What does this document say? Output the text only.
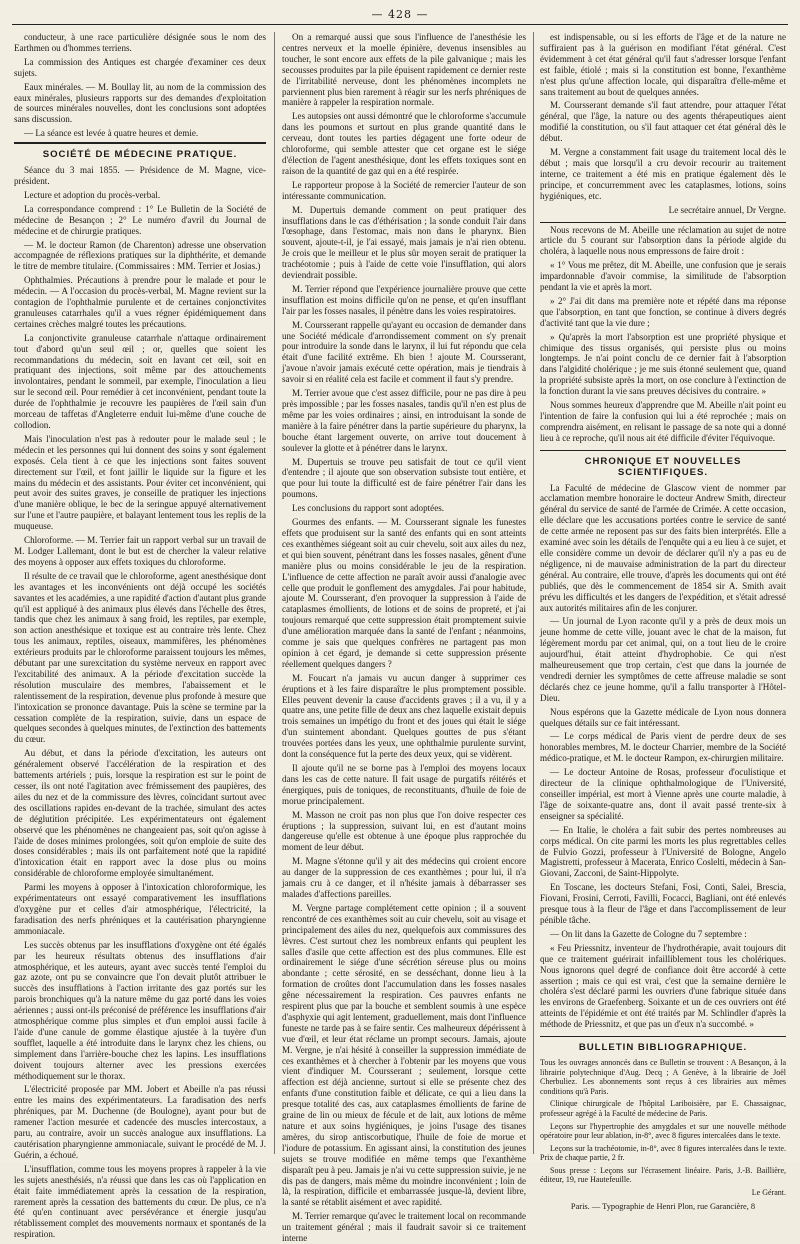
— 428 —

conducteur, à une race particulière désignée sous le nom des Earthmen ou d'hommes terriens.

La commission des Antiques est chargée d'examiner ces deux sujets.

Eaux minérales. — M. Boullay lit, au nom de la commission des eaux minérales, plusieurs rapports sur des demandes d'exploitation de sources minérales nouvelles, dont les conclusions sont adoptées sans discussion.

— La séance est levée à quatre heures et demie.

SOCIÉTÉ DE MÉDECINE PRATIQUE.

Séance du 3 mai 1855. — Présidence de M. Magne, vice-président.

Lecture et adoption du procès-verbal.

La correspondance comprend : 1° Le Bulletin de la Société de médecine de Besançon ; 2° Le numéro d'avril du Journal de médecine et de chirurgie pratiques.

— M. le docteur Ramon (de Charenton) adresse une observation accompagnée de réflexions pratiques sur la diphthérite, et demande le titre de membre titulaire. (Commissaires : MM. Terrier et Josias.)

Ophthalmies. Précautions à prendre pour le malade et pour le médecin. — A l'occasion du procès-verbal, M. Magne revient sur la contagion de l'ophthalmie purulente et de certaines conjonctivites granuleuses catarrhales qu'il a vues régner épidémiquement dans certaines crèches malgré toutes les précautions.

La conjonctivite granuleuse catarrhale n'attaque ordinairement tout d'abord qu'un seul œil ; or, quelles que soient les recommandations du médecin, soit en lavant cet œil, soit en pratiquant des injections, soit même par des attouchements involontaires, pendant le sommeil, par exemple, l'inoculation a lieu sur le second œil. Pour remédier à cet inconvénient, pendant toute la durée de l'ophthalmie je recouvre les paupières de l'œil sain d'un morceau de taffetas d'Angleterre enduit lui-même d'une couche de collodion.

Mais l'inoculation n'est pas à redouter pour le malade seul ; le médecin et les personnes qui lui donnent des soins y sont également exposés. Cela tient à ce que les injections sont faites souvent directement sur l'œil, et font jaillir le liquide sur la figure et les mains du médecin et des assistants. Pour éviter cet inconvénient, qui peut avoir des suites graves, je conseille de pratiquer les injections d'une manière oblique, le bec de la seringue appuyé alternativement sur l'une et l'autre paupière, et balayant lentement tous les replis de la muqueuse.

Chloroforme. — M. Terrier fait un rapport verbal sur un travail de M. Lodger Lallemant, dont le but est de chercher la valeur relative des moyens à opposer aux effets toxiques du chloroforme.

Il résulte de ce travail que le chloroforme, agent anesthésique dont les avantages et les inconvénients ont déjà occupé les sociétés savantes et les académies, a une rapidité d'action d'autant plus grande qu'il est appliqué à des animaux plus élevés dans l'échelle des êtres, tandis que chez les animaux à sang froid, les reptiles, par exemple, son action anesthésique et toxique est au contraire très lente. Chez tous les animaux, reptiles, oiseaux, mammifères, les phénomènes extérieurs produits par le chloroforme paraissent toujours les mêmes, débutant par une surexcitation du système nerveux en rapport avec l'excitabilité des animaux. A la période d'excitation succède la résolution musculaire des membres, l'abaissement et le ralentissement de la respiration, devenue plus profonde à mesure que l'intoxication se prononce davantage. Puis la scène se termine par la cessation complète de la respiration, suivie, dans un espace de quelques secondes à quelques minutes, de l'extinction des battements du cœur.

Au début, et dans la période d'excitation, les auteurs ont généralement observé l'accélération de la respiration et des battements artériels ; puis, lorsque la respiration est sur le point de cesser, ils ont noté l'agitation avec frémissement des paupières, des ailes du nez et de la commissure des lèvres, coïncidant surtout avec des oscillations rapides en-devant de la trachée, simulant des actes de déglutition précipitée. Les expérimentateurs ont également observé que les phénomènes ne changeaient pas, soit qu'on agisse à l'aide de doses minimes prolongées, soit qu'on emploie de suite des doses considérables ; mais ils ont parfaitement noté que la rapidité d'intoxication était en rapport avec la dose plus ou moins considérable de chloroforme employée simultanément.

Parmi les moyens à opposer à l'intoxication chloroformique, les expérimentateurs ont essayé comparativement les insufflations d'oxygène pur et celles d'air atmosphérique, l'électricité, la faradisation des nerfs phréniques et la cautérisation pharyngienne ammoniacale.

Les succès obtenus par les insufflations d'oxygène ont été égalés par les heureux résultats obtenus des insufflations d'air atmosphérique, et les auteurs, ayant avec succès tenté l'emploi du gaz azote, ont pu se convaincre que l'on devait plutôt attribuer le succès des insufflations à l'action irritante des gaz portés sur les parois bronchiques qu'à la nature même du gaz porté dans les voies aériennes ; aussi ont-ils préconisé de préférence les insufflations d'air atmosphérique comme plus simples et d'un emploi aussi facile à l'aide d'une canule de gomme élastique ajustée à la tuyère d'un soufflet, laquelle a été introduite dans le larynx chez les chiens, ou simplement dans l'arrière-bouche chez les lapins. Les insufflations doivent toujours alterner avec les pressions exercées méthodiquement sur le thorax.

L'électricité proposée par MM. Jobert et Abeille n'a pas réussi entre les mains des expérimentateurs. La faradisation des nerfs phréniques, par M. Duchenne (de Boulogne), ayant pour but de ramener l'action mesurée et cadencée des muscles intercostaux, a paru, au contraire, avoir un succès analogue aux insufflations. La cautérisation pharyngienne ammoniacale, suivant le procédé de M. J. Guérin, a échoué.

L'insufflation, comme tous les moyens propres à rappeler à la vie les sujets anesthésiés, n'a réussi que dans les cas où l'application en était faite immédiatement après la cessation de la respiration, rarement après la cessation des battements du cœur. De plus, ce n'a été qu'en continuant avec persévérance et énergie jusqu'au rétablissement complet des mouvements normaux et spontanés de la respiration.

On a remarqué aussi que sous l'influence de l'anesthésie les centres nerveux et la moelle épinière, devenus insensibles au toucher, le sont encore aux effets de la pile galvanique ; mais les secousses produites par la pile épuisent rapidement ce dernier reste de l'irritabilité nerveuse, dont les phénomènes incomplets ne parviennent plus bien rarement à réagir sur les nerfs phréniques de manière à rappeler la respiration normale.

Les autopsies ont aussi démontré que le chloroforme s'accumule dans les poumons et surtout en plus grande quantité dans le cerveau, dont toutes les parties dégagent une forte odeur de chloroforme, qui semble attester que cet organe est le siége d'élection de l'agent anesthésique, dont les effets toxiques sont en raison de la quantité de gaz qui en a été respirée.

Le rapporteur propose à la Société de remercier l'auteur de son intéressante communication.

M. Dupertuis demande comment on peut pratiquer des insufflations dans le cas d'éthérisation ; la sonde conduit l'air dans l'œsophage, dans l'estomac, mais non dans le pharynx. Bien souvent, ajoute-t-il, je l'ai essayé, mais jamais je n'ai rien obtenu. Je crois que le meilleur et le plus sûr moyen serait de pratiquer la trachéotomie ; puis à l'aide de cette voie l'insufflation, qui alors deviendrait possible.

M. Terrier répond que l'expérience journalière prouve que cette insufflation est moins difficile qu'on ne pense, et qu'en insufflant l'air par les fosses nasales, il pénètre dans les voies respiratoires.

M. Coursserant rappelle qu'ayant eu occasion de demander dans une Société médicale d'arrondissement comment on s'y prenait pour introduire la sonde dans le larynx, il lui fut répondu que cela était d'une facilité extrême. Eh bien ! ajoute M. Coursserant, j'avoue n'avoir jamais exécuté cette opération, mais je tiendrais à savoir si en réalité cela est facile et comment il faut s'y prendre.

M. Terrier avoue que c'est assez difficile, pour ne pas dire à peu près impossible ; par les fosses nasales, tandis qu'il n'en est plus de même par les voies ordinaires ; ainsi, en introduisant la sonde de manière à la faire pénétrer dans la partie supérieure du pharynx, la bouche étant largement ouverte, on arrive tout doucement à soulever la glotte et à pénétrer dans le larynx.

M. Dupertuis se trouve peu satisfait de tout ce qu'il vient d'entendre ; il ajoute que son observation subsiste tout entière, et que pour lui toute la difficulté est de faire pénétrer l'air dans les poumons.

Les conclusions du rapport sont adoptées.

Gourmes des enfants. — M. Coursserant signale les funestes effets que produisent sur la santé des enfants qui en sont atteints ces exanthèmes siégeant soit au cuir chevelu, soit aux ailes du nez, et qui bien souvent, pénétrant dans les fosses nasales, gênent d'une manière plus ou moins considérable le jeu de la respiration. L'influence de cette affection ne paraît avoir aussi d'analogie avec celle que produit le gonflement des amygdales. J'ai pour habitude, ajoute M. Coursserant, d'en provoquer la suppression à l'aide de cataplasmes émollients, de lotions et de soins de propreté, et j'ai toujours remarqué que cette suppression était promptement suivie d'une amélioration marquée dans la santé de l'enfant ; néanmoins, comme je sais que quelques confrères ne partagent pas mon opinion à cet égard, je demande si cette suppression présente réellement quelques dangers ?

M. Foucart n'a jamais vu aucun danger à supprimer ces éruptions et à les faire disparaître le plus promptement possible. Elles peuvent devenir la cause d'accidents graves ; il a vu, il y a quatre ans, une petite fille de deux ans chez laquelle existait depuis trois semaines un impétigo du front et des joues qui était le siége d'un suintement abondant. Quelques gouttes de pus s'étant trouvées portées dans les yeux, une ophthalmie purulente survint, dont la conséquence fut la perte des deux yeux, qui se vidèrent.

Il ajoute qu'il ne se borne pas à l'emploi des moyens locaux dans les cas de cette nature. Il fait usage de purgatifs réitérés et énergiques, puis de toniques, de reconstituants, d'huile de foie de morue principalement.

M. Masson ne croit pas non plus que l'on doive respecter ces éruptions ; la suppression, suivant lui, en est d'autant moins dangereuse qu'elle est obtenue à une époque plus rapprochée du moment de leur début.

M. Magne s'étonne qu'il y ait des médecins qui croient encore au danger de la suppression de ces exanthèmes ; pour lui, il n'a jamais cru à ce danger, et il n'hésite jamais à débarrasser ses malades d'affections pareilles.

M. Vergne partage complétement cette opinion ; il a souvent rencontré de ces exanthèmes soit au cuir chevelu, soit au visage et principalement des ailes du nez, quelquefois aux commissures des lèvres. C'est surtout chez les nombreux enfants qui peuplent les salles d'asile que cette affection est des plus communes. Elle est ordinairement le siége d'une sécrétion séreuse plus ou moins abondante ; cette sérosité, en se desséchant, donne lieu à la formation de croûtes dont l'accumulation dans les fosses nasales gêne nécessairement la respiration. Ces pauvres enfants ne respirent plus que par la bouche et semblent soumis à une espèce d'asphyxie qui agit lentement, graduellement, mais dont l'influence funeste ne tarde pas à se faire sentir. Ces malheureux dépérissent à vue d'œil, et leur état réclame un prompt secours. Jamais, ajoute M. Vergne, je n'ai hésité à conseiller la suppression immédiate de ces exanthèmes et à chercher à l'obtenir par les moyens que vous vient d'indiquer M. Coursserant ; seulement, lorsque cette affection est déjà ancienne, surtout si elle se présente chez des enfants d'une constitution faible et délicate, ce qui a lieu dans la presque totalité des cas, aux cataplasmes émollients de farine de graine de lin ou mieux de fécule et de lait, aux lotions de même nature et aux soins hygiéniques, je joins l'usage des tisanes amères, du sirop antiscorbutique, l'huile de foie de morue et l'iodure de potassium. En agissant ainsi, la constitution des jeunes sujets se trouve modifiée en même temps que l'exanthème disparaît peu à peu. Jamais je n'ai vu cette suppression suivie, je ne dis pas de dangers, mais même du moindre inconvénient ; loin de là, la respiration, difficile et embarrassée jusque-là, devient libre, la santé se rétablit aisément et avec rapidité.

M. Terrier remarque qu'avec le traitement local on recommande un traitement général ; mais il faudrait savoir si ce traitement interne

est indispensable, ou si les efforts de l'âge et de la nature ne suffiraient pas à la guérison en modifiant l'état général. C'est évidemment à cet état général qu'il faut s'adresser lorsque l'enfant est faible, étiolé ; mais si la constitution est bonne, l'exanthème n'est plus qu'une affection locale, qui disparaîtra d'elle-même et sans traitement au bout de quelques années.

M. Coursserant demande s'il faut attendre, pour attaquer l'état général, que l'âge, la nature ou des agents thérapeutiques aient modifié la constitution, ou s'il faut attaquer cet état général dès le début.

M. Vergne a constamment fait usage du traitement local dès le début ; mais que lorsqu'il a cru devoir recourir au traitement interne, ce traitement a été mis en pratique également dès le principe, et concurremment avec les cataplasmes, lotions, soins hygiéniques, etc.

Le secrétaire annuel, Dr Vergne.

Nous recevons de M. Abeille une réclamation au sujet de notre article du 5 courant sur l'absorption dans la période algide du choléra, à laquelle nous nous empressons de faire droit :

« 1° Vous me prêtez, dit M. Abeille, une confusion que je serais impardonnable d'avoir commise, la similitude de l'absorption pendant la vie et après la mort.

» 2° J'ai dit dans ma première note et répété dans ma réponse que l'absorption, en tant que fonction, se continue à divers degrés d'activité tant que la vie dure ;

» Qu'après la mort l'absorption est une propriété physique et chimique des tissus organisés, qui persiste plus ou moins longtemps. Je n'ai point conclu de ce dernier fait à l'absorption dans l'algidité cholérique ; je me suis étonné seulement que, quand la propriété subsiste après la mort, on ose conclure à l'extinction de la fonction durant la vie sans preuves décisives du contraire. »

Nous sommes heureux d'apprendre que M. Abeille n'ait point eu l'intention de faire la confusion qui lui a été reprochée ; mais on comprendra aisément, en relisant le passage de sa note qui a donné lieu à ce reproche, qu'il nous ait été difficile d'éviter l'équivoque.

CHRONIQUE ET NOUVELLES SCIENTIFIQUES.

La Faculté de médecine de Glascow vient de nommer par acclamation membre honoraire le docteur Andrew Smith, directeur général du service de santé de l'armée de Crimée. A cette occasion, elle déclare que les accusations portées contre le service de santé de cette armée ne reposent pas sur des faits bien interprétés. Elle a examiné avec soin les détails de l'enquête qui a eu lieu à ce sujet, et elle considère comme un devoir de déclarer qu'il n'y a pas eu de négligence, ni de mauvaise administration de la part du directeur général. Au contraire, elle trouve, d'après les documents qui ont été publiés, que dès le commencement de 1854 sir A. Smith avait prévu les difficultés et les dangers de l'expédition, et s'était adressé aux autorités militaires afin de les conjurer.

— Un journal de Lyon raconte qu'il y a près de deux mois un jeune homme de cette ville, jouant avec le chat de la maison, fut légèrement mordu par cet animal, qui, on a tout lieu de le croire aujourd'hui, était atteint d'hydrophobie. Ce qui n'est malheureusement que trop certain, c'est que dans la journée de vendredi dernier les symptômes de cette affreuse maladie se sont déclarés chez ce jeune homme, qu'il a fallu transporter à l'Hôtel-Dieu.

Nous espérons que la Gazette médicale de Lyon nous donnera quelques détails sur ce fait intéressant.

— Le corps médical de Paris vient de perdre deux de ses honorables membres, M. le docteur Charrier, membre de la Société médico-pratique, et M. le docteur Rampon, ex-chirurgien militaire.

— Le docteur Antoine de Rosas, professeur d'oculistique et directeur de la clinique ophthalmologique de l'Université, conseiller impérial, est mort à Vienne après une courte maladie, à l'âge de soixante-quatre ans, dont il avait passé trente-six à enseigner sa spécialité.

— En Italie, le choléra a fait subir des pertes nombreuses au corps médical. On cite parmi les morts les plus regrettables celles de Fulvio Gozzi, professeur à l'Université de Bologne, Angelo Magistretti, professeur à Macerata, Enrico Coslelti, médecin à San-Giovani, Zacconi, de Saint-Hippolyte.

En Toscane, les docteurs Stefani, Fosi, Conti, Salei, Brescia, Fiovani, Frosini, Cerroti, Favilli, Focacci, Bagliani, ont été enlevés presque tous à la fleur de l'âge et dans l'accomplissement de leur pénible tâche.

— On lit dans la Gazette de Cologne du 7 septembre :

« Feu Priessnitz, inventeur de l'hydrothérapie, avait toujours dit que ce traitement guérirait infailliblement tous les cholériques. Nous ignorons quel degré de confiance doit être accordé à cette assertion ; mais ce qui est vrai, c'est que la semaine dernière le choléra s'est déclaré parmi les ouvriers d'une fabrique située dans les environs de Graefenberg. Soixante et un de ces ouvriers ont été atteints de l'épidémie et ont été traités par M. Schlindler d'après la méthode de Priessnitz, et que pas un d'eux n'a succombé. »

BULLETIN BIBLIOGRAPHIQUE.

Tous les ouvrages annoncés dans ce Bulletin se trouvent : A Besançon, à la librairie polytechnique d'Aug. Decq ; A Genève, à la librairie de Joël Cherbuliez. Les abonnements sont reçus à ces librairies aux mêmes conditions qu'à Paris.

Clinique chirurgicale de l'hôpital Lariboisière, par E. Chassaignac, professeur agrégé à la Faculté de médecine de Paris.

Leçons sur l'hypertrophie des amygdales et sur une nouvelle méthode opératoire pour leur ablation, in-8°, avec 8 figures intercalées dans le texte.

Leçons sur la trachéotomie, in-8°, avec 8 figures intercalées dans le texte. Prix de chaque partie, 2 fr.

Sous presse : Leçons sur l'écrasement linéaire. Paris, J.-B. Baillière, éditeur, 19, rue Hautefeuille.

Le Gérant.

Paris. — Typographie de Henri Plon, rue Garancière, 8
